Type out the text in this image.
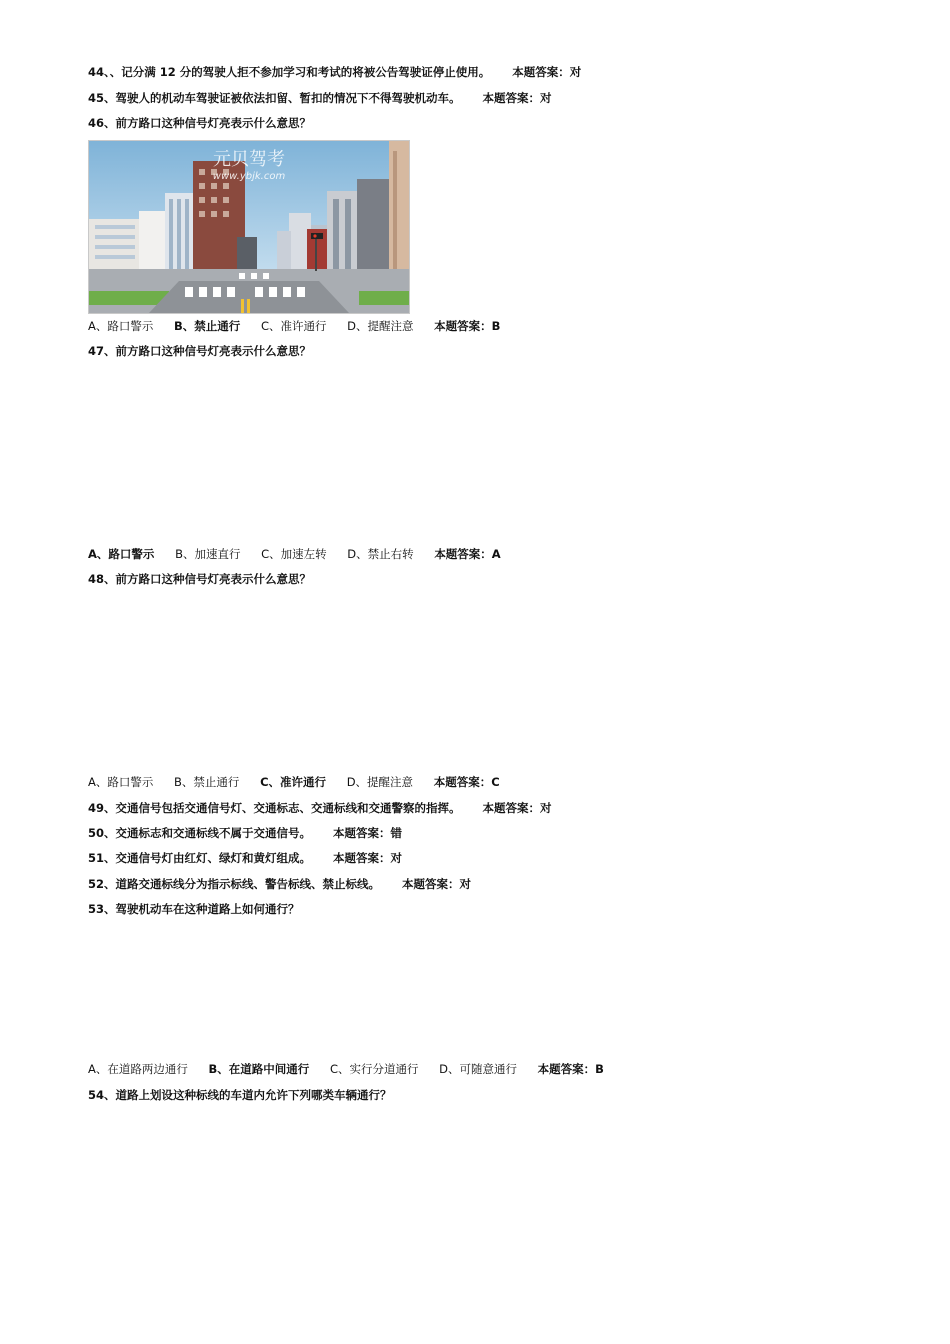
44、、记分满 12 分的驾驶人拒不参加学习和考试的将被公告驾驶证停止使用。 本题答案：对
45、驾驶人的机动车驾驶证被依法扣留、暂扣的情况下不得驾驶机动车。 本题答案：对
46、前方路口这种信号灯亮表示什么意思？
元贝驾考
www.ybjk.com
A、路口警示 B、禁止通行 C、准许通行 D、提醒注意 本题答案：B
47、前方路口这种信号灯亮表示什么意思？
A、路口警示 B、加速直行 C、加速左转 D、禁止右转 本题答案：A
48、前方路口这种信号灯亮表示什么意思？
A、路口警示 B、禁止通行 C、准许通行 D、提醒注意 本题答案：C
49、交通信号包括交通信号灯、交通标志、交通标线和交通警察的指挥。 本题答案：对
50、交通标志和交通标线不属于交通信号。 本题答案：错
51、交通信号灯由红灯、绿灯和黄灯组成。 本题答案：对
52、道路交通标线分为指示标线、警告标线、禁止标线。 本题答案：对
53、驾驶机动车在这种道路上如何通行？
A、在道路两边通行 B、在道路中间通行 C、实行分道通行 D、可随意通行 本题答案：B
54、道路上划设这种标线的车道内允许下列哪类车辆通行？
